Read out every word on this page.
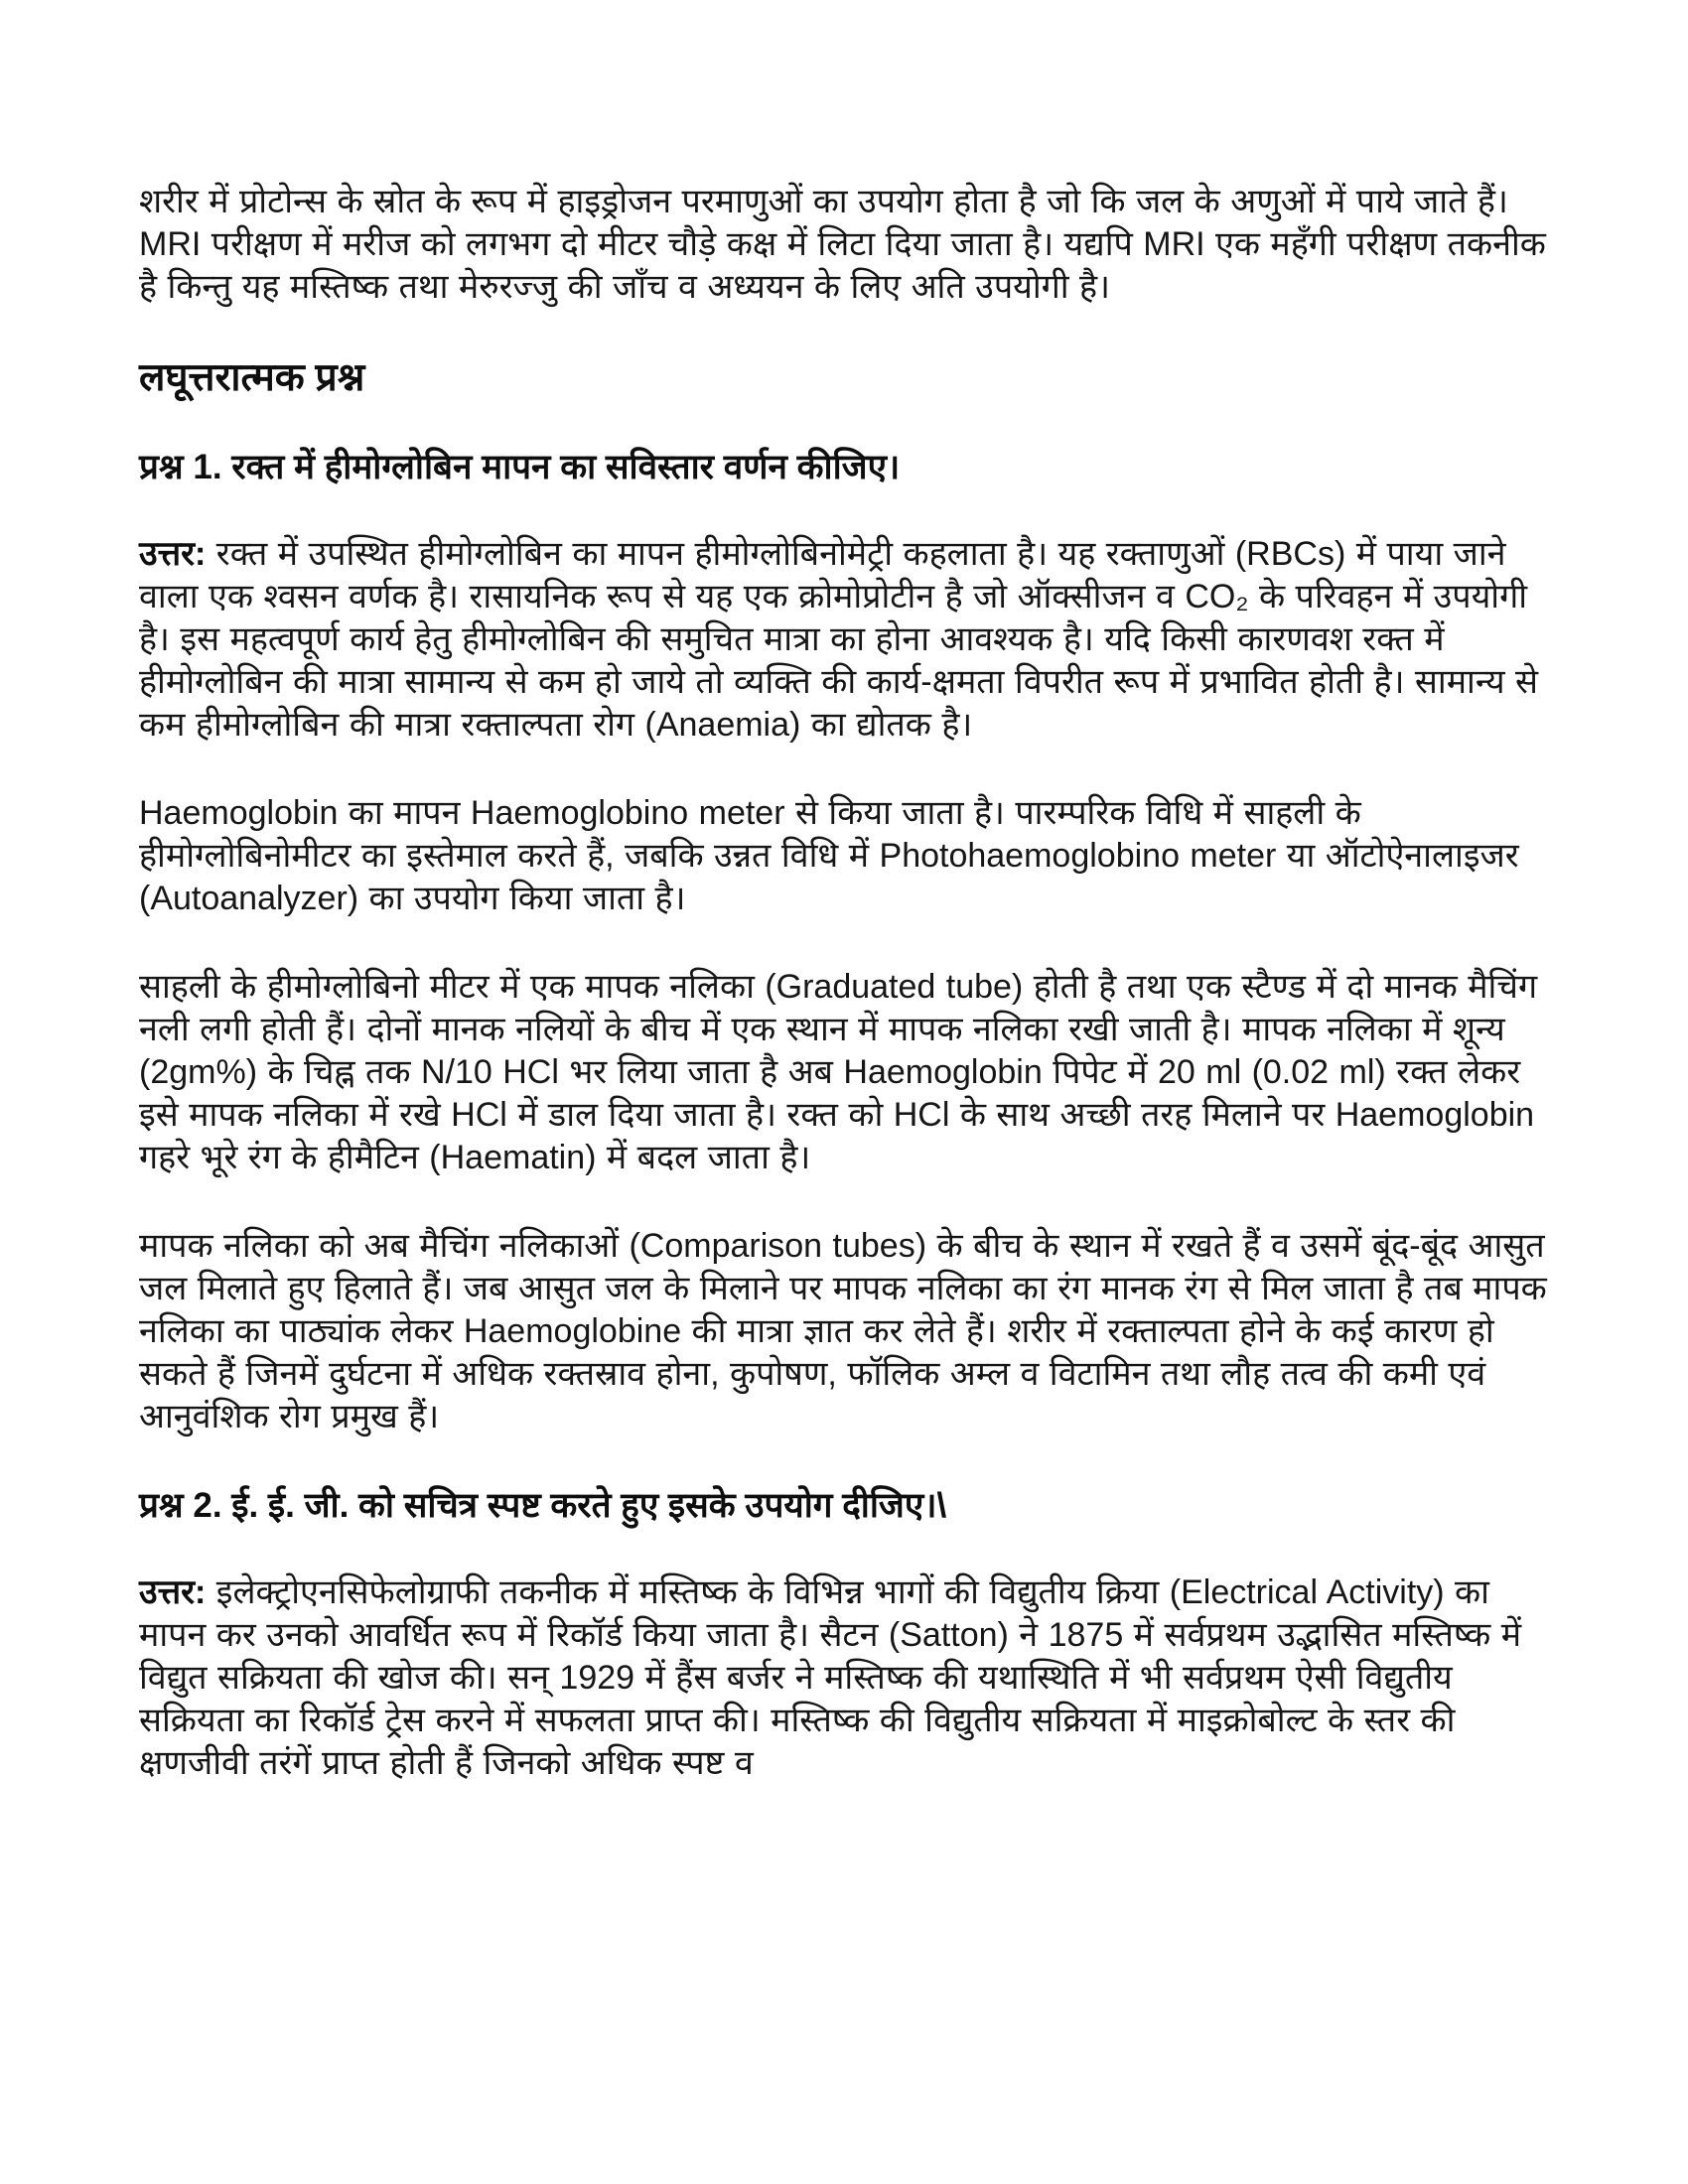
शरीर में प्रोटोन्स के स्रोत के रूप में हाइड्रोजन परमाणुओं का उपयोग होता है जो कि जल के अणुओं में पाये जाते हैं। MRI परीक्षण में मरीज को लगभग दो मीटर चौड़े कक्ष में लिटा दिया जाता है। यद्यपि MRI एक महँगी परीक्षण तकनीक है किन्तु यह मस्तिष्क तथा मेरुरज्जु की जाँच व अध्ययन के लिए अति उपयोगी है।

लघूत्तरात्मक प्रश्न

प्रश्न 1. रक्त में हीमोग्लोबिन मापन का सविस्तार वर्णन कीजिए।

उत्तर: रक्त में उपस्थित हीमोग्लोबिन का मापन हीमोग्लोबिनोमेट्री कहलाता है। यह रक्ताणुओं (RBCs) में पाया जाने वाला एक श्वसन वर्णक है। रासायनिक रूप से यह एक क्रोमोप्रोटीन है जो ऑक्सीजन व CO₂ के परिवहन में उपयोगी है। इस महत्वपूर्ण कार्य हेतु हीमोग्लोबिन की समुचित मात्रा का होना आवश्यक है। यदि किसी कारणवश रक्त में हीमोग्लोबिन की मात्रा सामान्य से कम हो जाये तो व्यक्ति की कार्य-क्षमता विपरीत रूप में प्रभावित होती है। सामान्य से कम हीमोग्लोबिन की मात्रा रक्ताल्पता रोग (Anaemia) का द्योतक है।

Haemoglobin का मापन Haemoglobino meter से किया जाता है। पारम्परिक विधि में साहली के हीमोग्लोबिनोमीटर का इस्तेमाल करते हैं, जबकि उन्नत विधि में Photohaemoglobino meter या ऑटोऐनालाइजर (Autoanalyzer) का उपयोग किया जाता है।

साहली के हीमोग्लोबिनो मीटर में एक मापक नलिका (Graduated tube) होती है तथा एक स्टैण्ड में दो मानक मैचिंग नली लगी होती हैं। दोनों मानक नलियों के बीच में एक स्थान में मापक नलिका रखी जाती है। मापक नलिका में शून्य (2gm%) के चिह्न तक N/10 HCl भर लिया जाता है अब Haemoglobin पिपेट में 20 ml (0.02 ml) रक्त लेकर इसे मापक नलिका में रखे HCl में डाल दिया जाता है। रक्त को HCl के साथ अच्छी तरह मिलाने पर Haemoglobin गहरे भूरे रंग के हीमैटिन (Haematin) में बदल जाता है।

मापक नलिका को अब मैचिंग नलिकाओं (Comparison tubes) के बीच के स्थान में रखते हैं व उसमें बूंद-बूंद आसुत जल मिलाते हुए हिलाते हैं। जब आसुत जल के मिलाने पर मापक नलिका का रंग मानक रंग से मिल जाता है तब मापक नलिका का पाठ्यांक लेकर Haemoglobine की मात्रा ज्ञात कर लेते हैं। शरीर में रक्ताल्पता होने के कई कारण हो सकते हैं जिनमें दुर्घटना में अधिक रक्तस्राव होना, कुपोषण, फॉलिक अम्ल व विटामिन तथा लौह तत्व की कमी एवं आनुवंशिक रोग प्रमुख हैं।

प्रश्न 2. ई. ई. जी. को सचित्र स्पष्ट करते हुए इसके उपयोग दीजिए।\

उत्तर: इलेक्ट्रोएनसिफेलोग्राफी तकनीक में मस्तिष्क के विभिन्न भागों की विद्युतीय क्रिया (Electrical Activity) का मापन कर उनको आवर्धित रूप में रिकॉर्ड किया जाता है। सैटन (Satton) ने 1875 में सर्वप्रथम उद्भासित मस्तिष्क में विद्युत सक्रियता की खोज की। सन् 1929 में हैंस बर्जर ने मस्तिष्क की यथास्थिति में भी सर्वप्रथम ऐसी विद्युतीय सक्रियता का रिकॉर्ड ट्रेस करने में सफलता प्राप्त की। मस्तिष्क की विद्युतीय सक्रियता में माइक्रोबोल्ट के स्तर की क्षणजीवी तरंगें प्राप्त होती हैं जिनको अधिक स्पष्ट व
